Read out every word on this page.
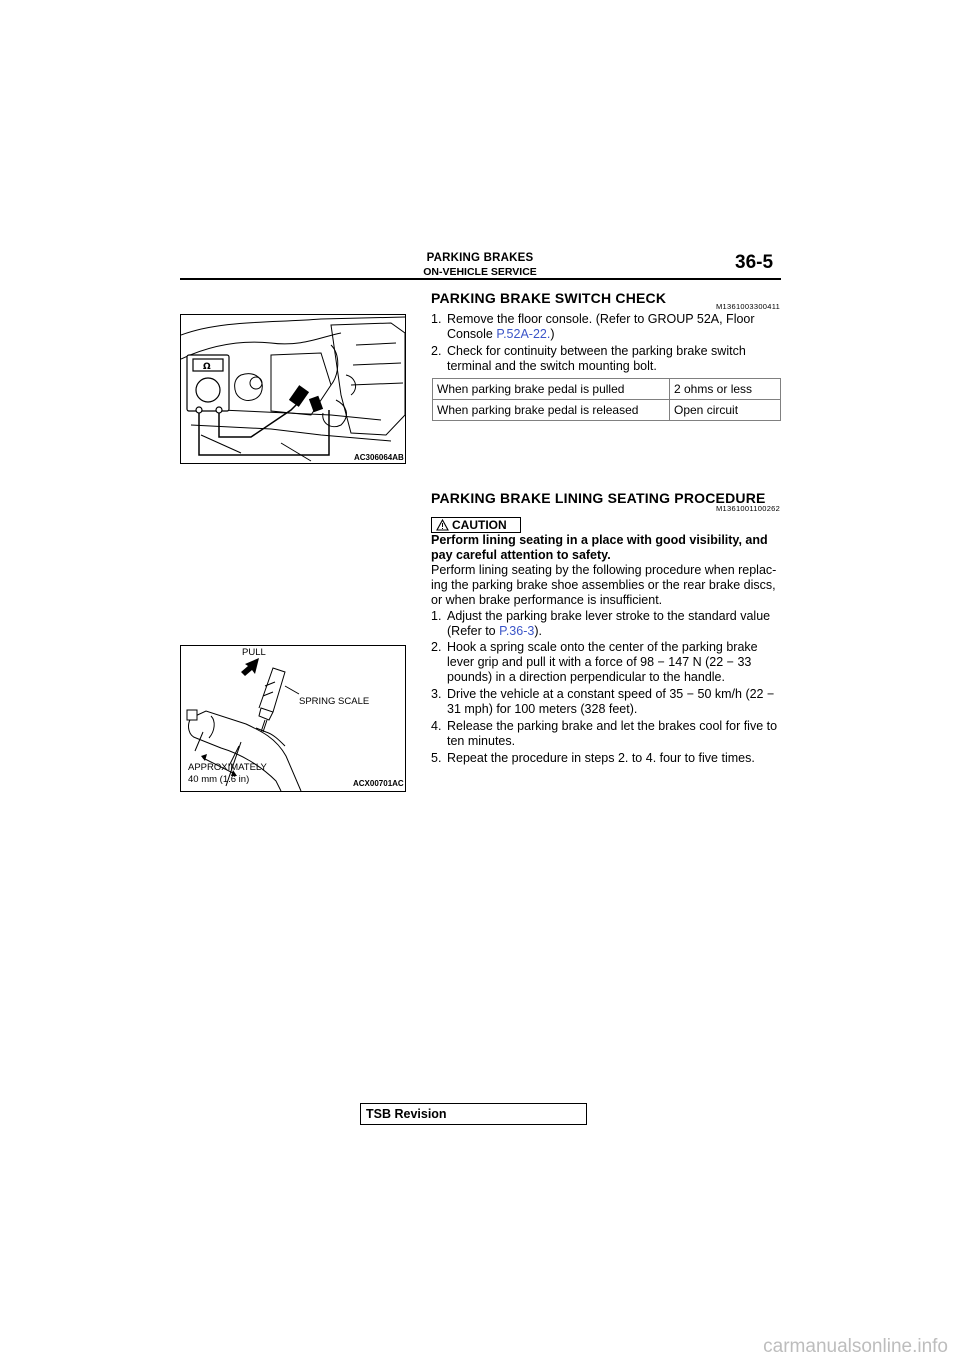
PARKING BRAKES
ON-VEHICLE SERVICE	36-5
PARKING BRAKE SWITCH CHECK
M1361003300411
Ω
AC306064AB
1. Remove the floor console. (Refer to GROUP 52A, Floor Console P.52A-22.)
2. Check for continuity between the parking brake switch terminal and the switch mounting bolt.
When parking brake pedal is pulled	2 ohms or less
When parking brake pedal is released	Open circuit
PARKING BRAKE LINING SEATING PROCEDURE
M1361001100262
CAUTION
Perform lining seating in a place with good visibility, and pay careful attention to safety.
Perform lining seating by the following procedure when replac-ing the parking brake shoe assemblies or the rear brake discs, or when brake performance is insufficient.
PULL
SPRING SCALE
APPROXIMATELY
40 mm (1.6 in)	ACX00701AC
1. Adjust the parking brake lever stroke to the standard value (Refer to P.36-3).
2. Hook a spring scale onto the center of the parking brake lever grip and pull it with a force of 98 − 147 N (22 − 33 pounds) in a direction perpendicular to the handle.
3. Drive the vehicle at a constant speed of 35 − 50 km/h (22 − 31 mph) for 100 meters (328 feet).
4. Release the parking brake and let the brakes cool for five to ten minutes.
5. Repeat the procedure in steps 2. to 4. four to five times.
TSB Revision
carmanualsonline.info
